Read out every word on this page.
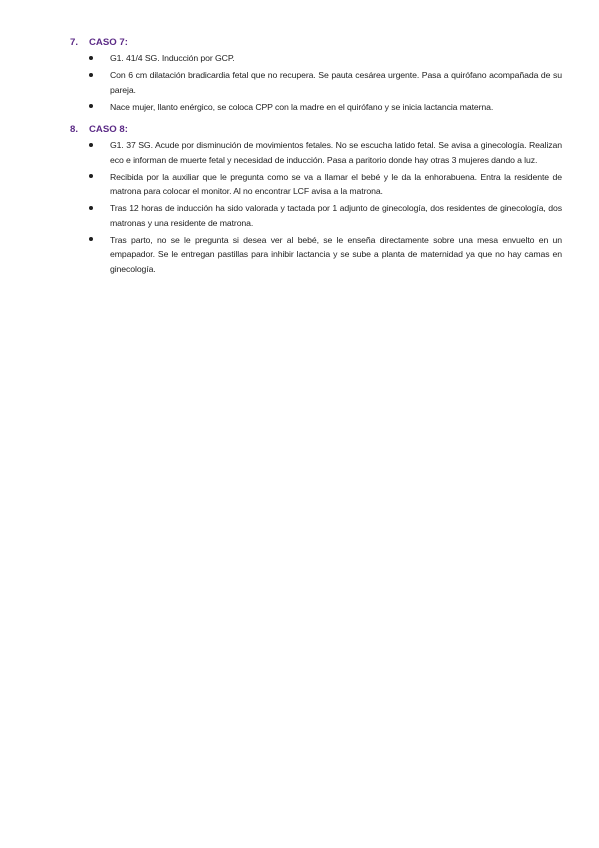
7.	CASO 7:
G1. 41/4 SG. Inducción por GCP.
Con 6 cm dilatación bradicardia fetal que no recupera. Se pauta cesárea urgente. Pasa a quirófano acompañada de su pareja.
Nace mujer, llanto enérgico, se coloca CPP con la madre en el quirófano y se inicia lactancia materna.
8.	CASO 8:
G1. 37 SG. Acude por disminución de movimientos fetales. No se escucha latido fetal. Se avisa a ginecología. Realizan eco e informan de muerte fetal y necesidad de inducción. Pasa a paritorio donde hay otras 3 mujeres dando a luz.
Recibida por la auxiliar que le pregunta como se va a llamar el bebé y le da la enhorabuena. Entra la residente de matrona para colocar el monitor. Al no encontrar LCF avisa a la matrona.
Tras 12 horas de inducción ha sido valorada y tactada por 1 adjunto de ginecología, dos residentes de ginecología, dos matronas y una residente de matrona.
Tras parto, no se le pregunta si desea ver al bebé, se le enseña directamente sobre una mesa envuelto en un empapador. Se le entregan pastillas para inhibir lactancia y se sube a planta de maternidad ya que no hay camas en ginecología.
